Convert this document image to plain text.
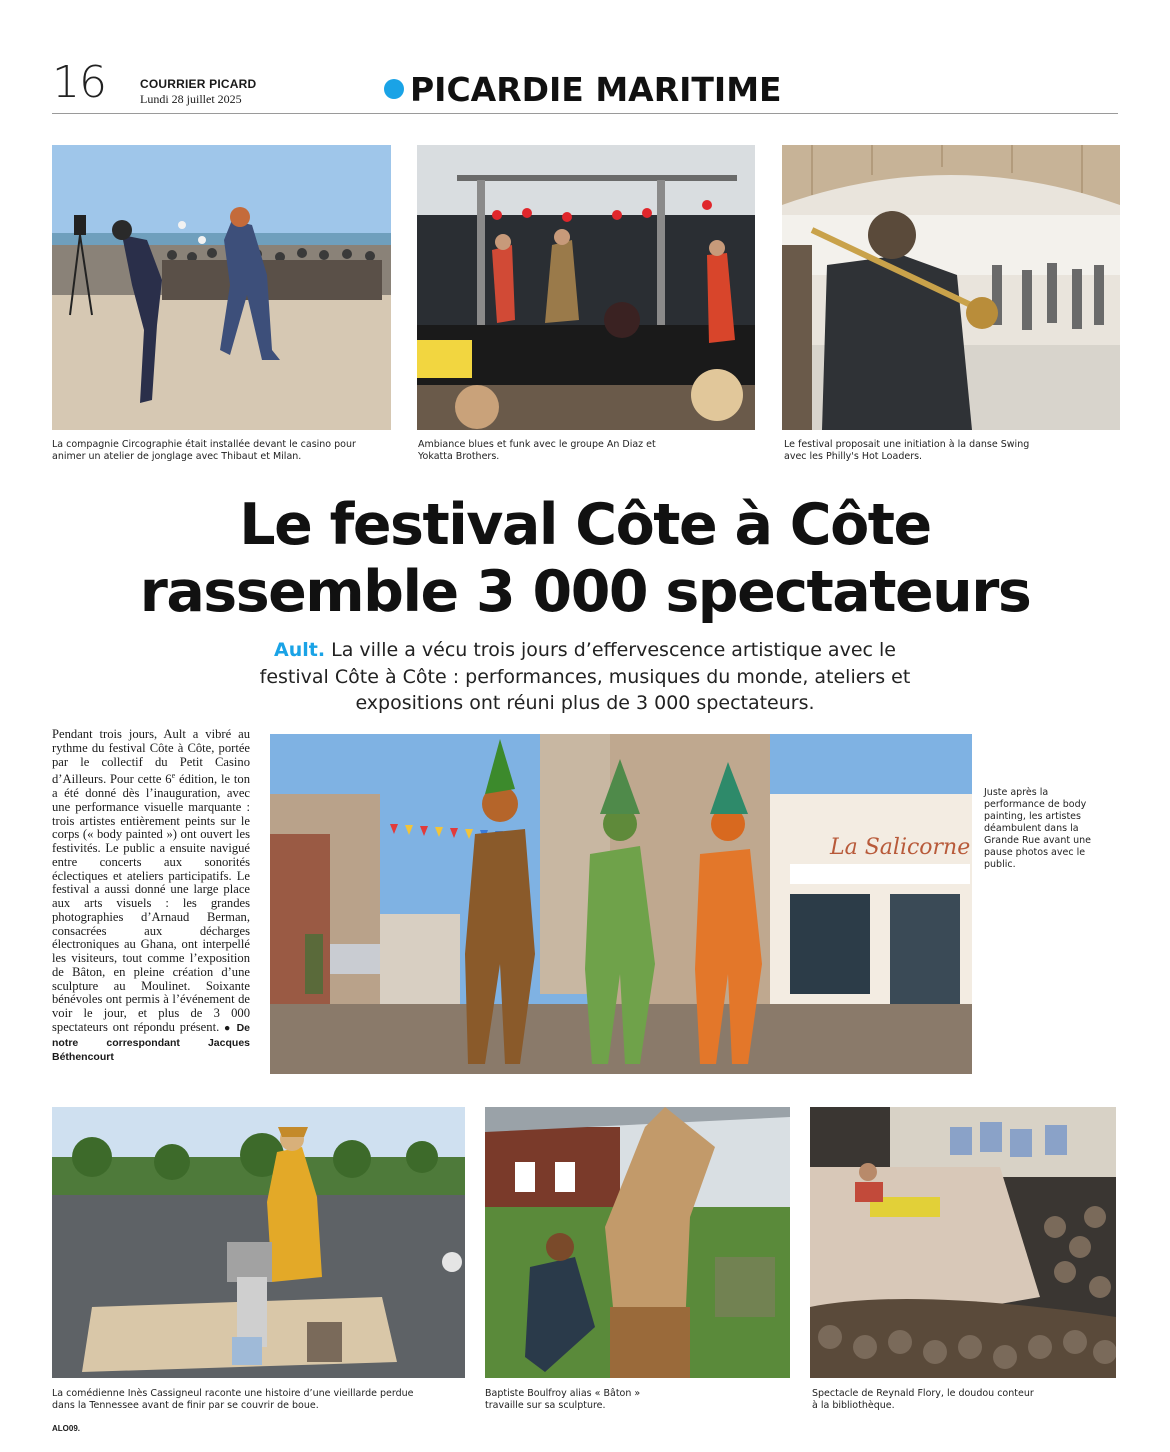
16	COURRIER PICARD
Lundi 28 juillet 2025	PICARDIE MARITIME
La compagnie Circographie était installée devant le casino pour animer un atelier de jonglage avec Thibaut et Milan.
Ambiance blues et funk avec le groupe An Diaz et Yokatta Brothers.
Le festival proposait une initiation à la danse Swing avec les Philly's Hot Loaders.
Le festival Côte à Côte
rassemble 3 000 spectateurs
Ault. La ville a vécu trois jours d’effervescence artistique avec le festival Côte à Côte : performances, musiques du monde, ateliers et expositions ont réuni plus de 3 000 spectateurs.
Pendant trois jours, Ault a vibré au rythme du festival Côte à Côte, portée par le collectif du Petit Casino d’Ailleurs. Pour cette 6e édition, le ton a été donné dès l’inauguration, avec une performance visuelle marquante : trois artistes entièrement peints sur le corps (« body painted ») ont ouvert les festivités. Le public a ensuite navigué entre concerts aux sonorités éclectiques et ateliers participatifs. Le festival a aussi donné une large place aux arts visuels : les grandes photographies d’Arnaud Berman, consacrées aux décharges électroniques au Ghana, ont interpellé les visiteurs, tout comme l’exposition de Bâton, en pleine création d’une sculpture au Moulinet. Soixante bénévoles ont permis à l’événement de voir le jour, et plus de 3 000 spectateurs ont répondu présent. ● De notre correspondant Jacques Béthencourt
La Salicorne
Juste après la performance de body painting, les artistes déambulent dans la Grande Rue avant une pause photos avec le public.
La comédienne Inès Cassigneul raconte une histoire d’une vieillarde perdue dans la Tennessee avant de finir par se couvrir de boue.
Baptiste Boulfroy alias « Bâton » travaille sur sa sculpture.
Spectacle de Reynald Flory, le doudou conteur à la bibliothèque.
ALO09.
